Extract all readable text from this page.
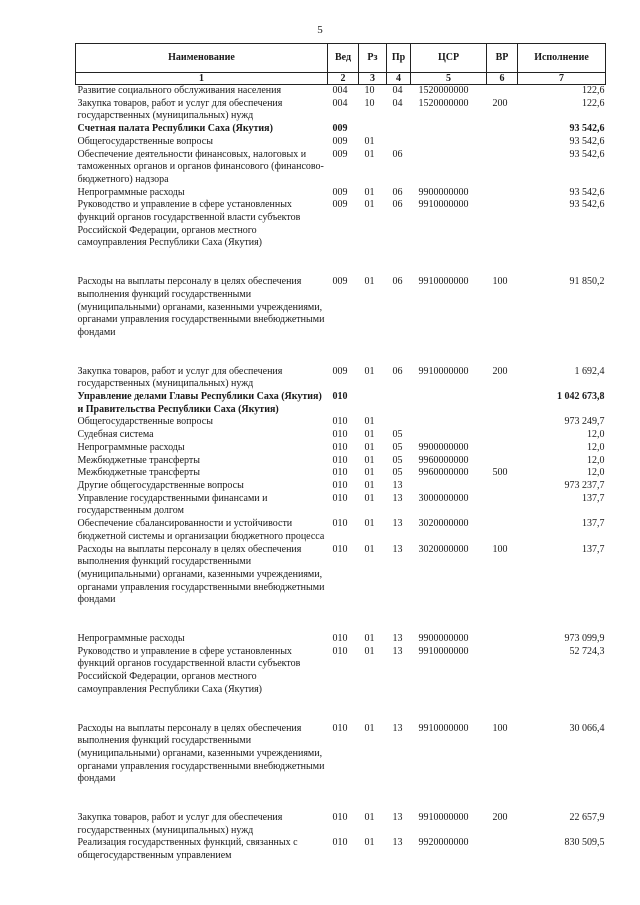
5
Наименование	Вед	Рз	Пр	ЦСР	ВР	Исполнение
1	2	3	4	5	6	7
Развитие социального обслуживания населения	004	10	04	1520000000		122,6
Закупка товаров, работ и услуг для обеспечения государственных (муниципальных) нужд	004	10	04	1520000000	200	122,6
Счетная палата Республики Саха (Якутия)	009					93 542,6
Общегосударственные вопросы	009	01				93 542,6
Обеспечение деятельности финансовых, налоговых и таможенных органов и органов финансового (финансово-бюджетного) надзора	009	01	06			93 542,6
Непрограммные расходы	009	01	06	9900000000		93 542,6
Руководство и управление в сфере установленных функций органов государственной власти субъектов Российской Федерации, органов местного самоуправления Республики Саха (Якутия)	009	01	06	9910000000		93 542,6

Расходы на выплаты персоналу в целях обеспечения выполнения функций государственными (муниципальными) органами, казенными учреждениями, органами управления государственными внебюджетными фондами	009	01	06	9910000000	100	91 850,2

Закупка товаров, работ и услуг для обеспечения государственных (муниципальных) нужд	009	01	06	9910000000	200	1 692,4
Управление делами Главы Республики Саха (Якутия) и Правительства Республики Саха (Якутия)	010					1 042 673,8
Общегосударственные вопросы	010	01				973 249,7
Судебная система	010	01	05			12,0
Непрограммные расходы	010	01	05	9900000000		12,0
Межбюджетные трансферты	010	01	05	9960000000		12,0
Межбюджетные трансферты	010	01	05	9960000000	500	12,0
Другие общегосударственные вопросы	010	01	13			973 237,7
Управление государственными финансами и государственным долгом	010	01	13	3000000000		137,7
Обеспечение сбалансированности и устойчивости бюджетной системы и организации бюджетного процесса	010	01	13	3020000000		137,7
Расходы на выплаты персоналу в целях обеспечения выполнения функций государственными (муниципальными) органами, казенными учреждениями, органами управления государственными внебюджетными фондами	010	01	13	3020000000	100	137,7

Непрограммные расходы	010	01	13	9900000000		973 099,9
Руководство и управление в сфере установленных функций органов государственной власти субъектов Российской Федерации, органов местного самоуправления Республики Саха (Якутия)	010	01	13	9910000000		52 724,3

Расходы на выплаты персоналу в целях обеспечения выполнения функций государственными (муниципальными) органами, казенными учреждениями, органами управления государственными внебюджетными фондами	010	01	13	9910000000	100	30 066,4

Закупка товаров, работ и услуг для обеспечения государственных (муниципальных) нужд	010	01	13	9910000000	200	22 657,9
Реализация государственных функций, связанных с общегосударственным управлением	010	01	13	9920000000		830 509,5
